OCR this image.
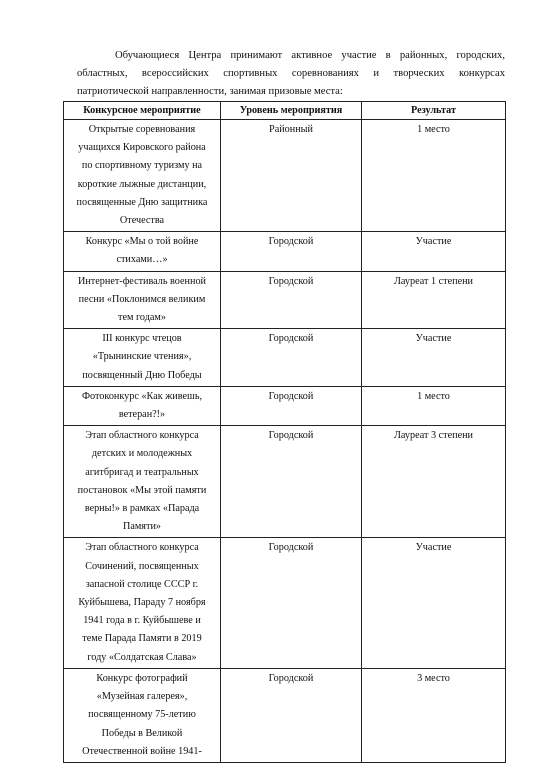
Обучающиеся Центра принимают активное участие в районных, городских, областных, всероссийских спортивных соревнованиях и творческих конкурсах патриотической направленности, занимая призовые места:

Конкурсное мероприятие	Уровень мероприятия	Результат
Открытые соревнования учащихся Кировского района по спортивному туризму на короткие лыжные дистанции, посвященные Дню защитника Отечества	Районный	1 место
Конкурс «Мы о той войне стихами…»	Городской	Участие
Интернет-фестиваль военной песни «Поклонимся великим тем годам»	Городской	Лауреат 1 степени
III конкурс чтецов «Трынинские чтения», посвященный Дню Победы	Городской	Участие
Фотоконкурс «Как живешь, ветеран?!»	Городской	1 место
Этап областного конкурса детских и молодежных агитбригад и театральных постановок «Мы этой памяти верны!» в рамках «Парада Памяти»	Городской	Лауреат 3 степени
Этап областного конкурса Сочинений, посвященных запасной столице СССР г. Куйбышева, Параду 7 ноября 1941 года в г. Куйбышеве и теме Парада Памяти в 2019 году «Солдатская Слава»	Городской	Участие
Конкурс фотографий «Музейная галерея», посвященному 75-летию Победы в Великой Отечественной войне 1941-	Городской	3 место
